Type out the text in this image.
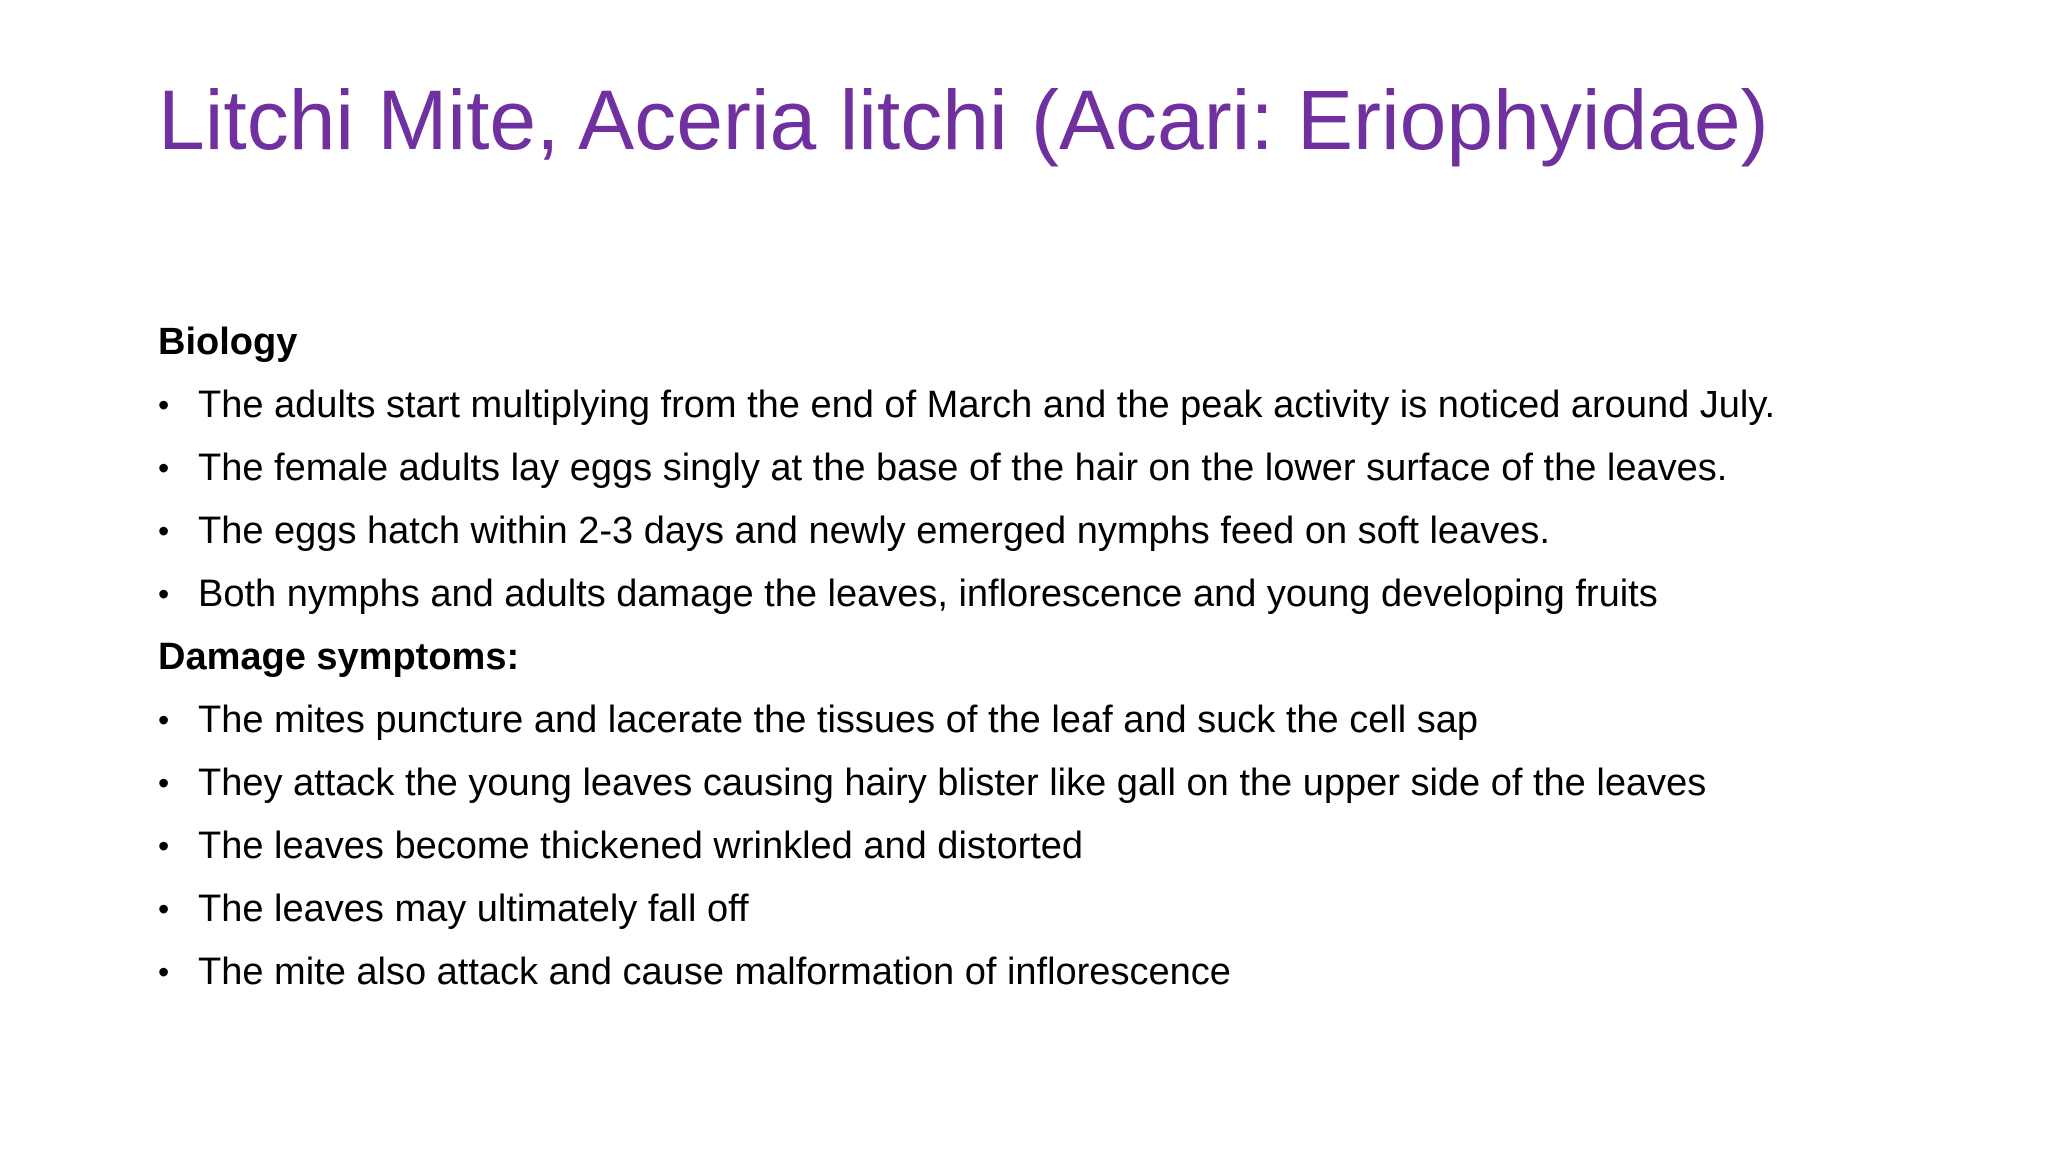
Litchi Mite, Aceria litchi (Acari: Eriophyidae)

Biology

• The adults start multiplying from the end of March and the peak activity is noticed around July.
• The female adults lay eggs singly at the base of the hair on the lower surface of the leaves.
• The eggs hatch within 2-3 days and newly emerged nymphs feed on soft leaves.
• Both nymphs and adults damage the leaves, inflorescence and young developing fruits

Damage symptoms:

• The mites puncture and lacerate the tissues of the leaf and suck the cell sap
• They attack the young leaves causing hairy blister like gall on the upper side of the leaves
• The leaves become thickened wrinkled and distorted
• The leaves may ultimately fall off
• The mite also attack and cause malformation of inflorescence
